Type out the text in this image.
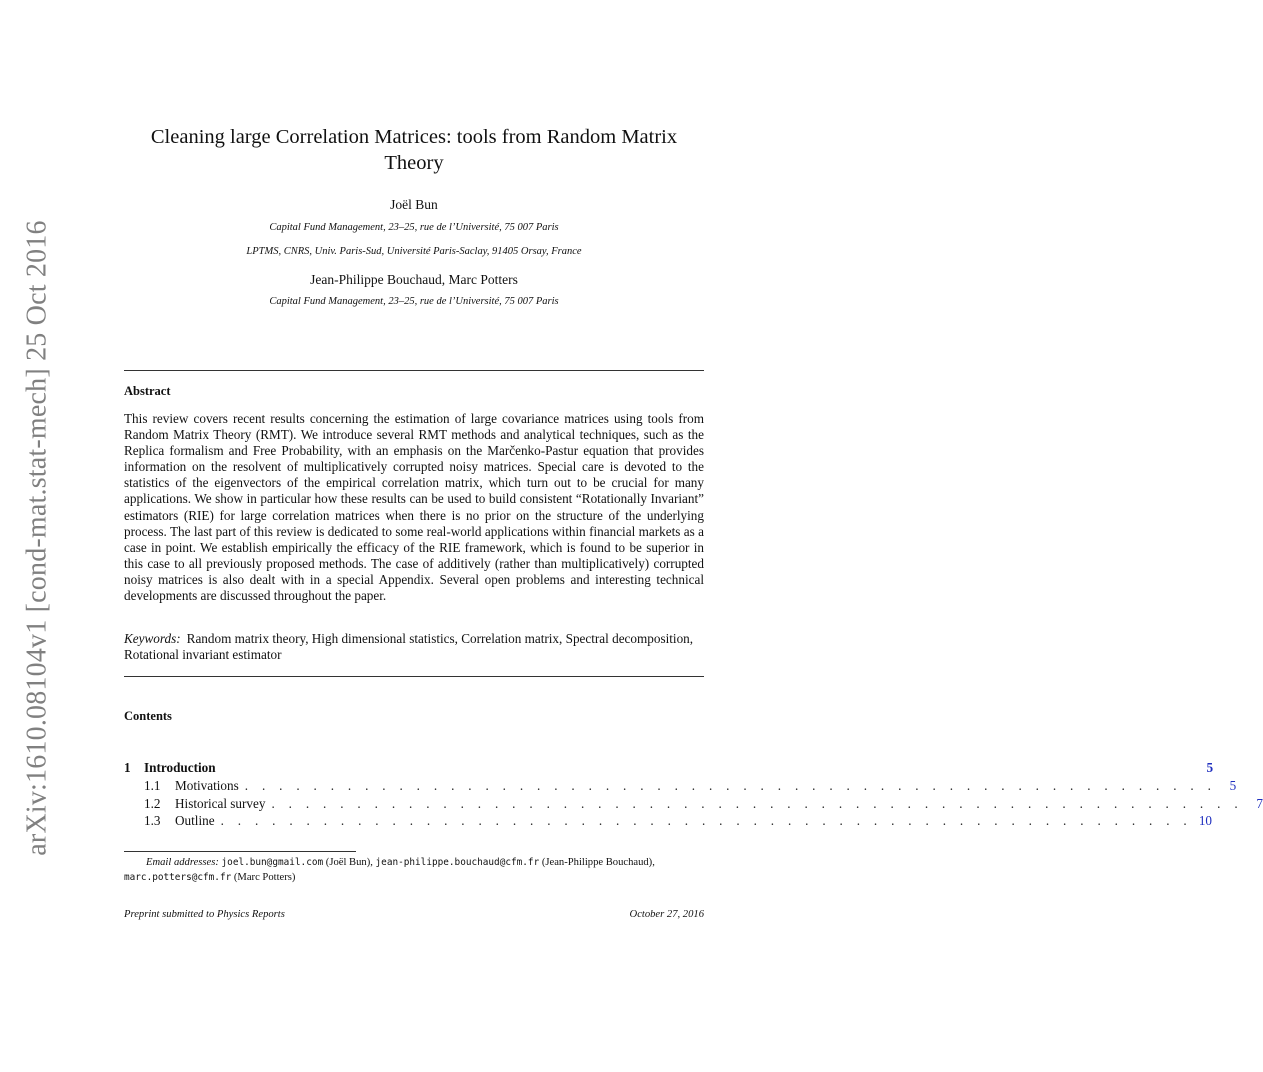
arXiv:1610.08104v1 [cond-mat.stat-mech] 25 Oct 2016
Cleaning large Correlation Matrices: tools from Random Matrix
Theory
Joël Bun
Capital Fund Management, 23–25, rue de l’Université, 75 007 Paris
LPTMS, CNRS, Univ. Paris-Sud, Université Paris-Saclay, 91405 Orsay, France
Jean-Philippe Bouchaud, Marc Potters
Capital Fund Management, 23–25, rue de l’Université, 75 007 Paris
Abstract

This review covers recent results concerning the estimation of large covariance matrices using tools from Random Matrix Theory (RMT). We introduce several RMT methods and analytical techniques, such as the Replica formalism and Free Probability, with an emphasis on the Marčenko-Pastur equation that provides information on the resolvent of multiplicatively corrupted noisy matrices. Special care is devoted to the statistics of the eigenvectors of the empirical correlation matrix, which turn out to be crucial for many applications. We show in particular how these results can be used to build consistent “Rotationally Invariant” estimators (RIE) for large correlation matrices when there is no prior on the structure of the underlying process. The last part of this review is dedicated to some real-world applications within financial markets as a case in point. We establish empirically the efficacy of the RIE framework, which is found to be superior in this case to all previously proposed methods. The case of additively (rather than multiplicatively) corrupted noisy matrices is also dealt with in a special Appendix. Several open problems and interesting technical developments are discussed throughout the paper.

Keywords: Random matrix theory, High dimensional statistics, Correlation matrix, Spectral decomposition, Rotational invariant estimator

Contents
1	Introduction	5
1.1	Motivations . . . . . . . . . . . . . . . . . . . . . . . . . . . . . . . . . . . . . . . . . . . . . . . . . . . . . . . . .	5
1.2	Historical survey . . . . . . . . . . . . . . . . . . . . . . . . . . . . . . . . . . . . . . . . . . . . . . . . . . . . . . . . .	7
1.3	Outline . . . . . . . . . . . . . . . . . . . . . . . . . . . . . . . . . . . . . . . . . . . . . . . . . . . . . . . . . 10

Email addresses: joel.bun@gmail.com (Joël Bun), jean-philippe.bouchaud@cfm.fr (Jean-Philippe Bouchaud), marc.potters@cfm.fr (Marc Potters)

Preprint submitted to Physics Reports	October 27, 2016
